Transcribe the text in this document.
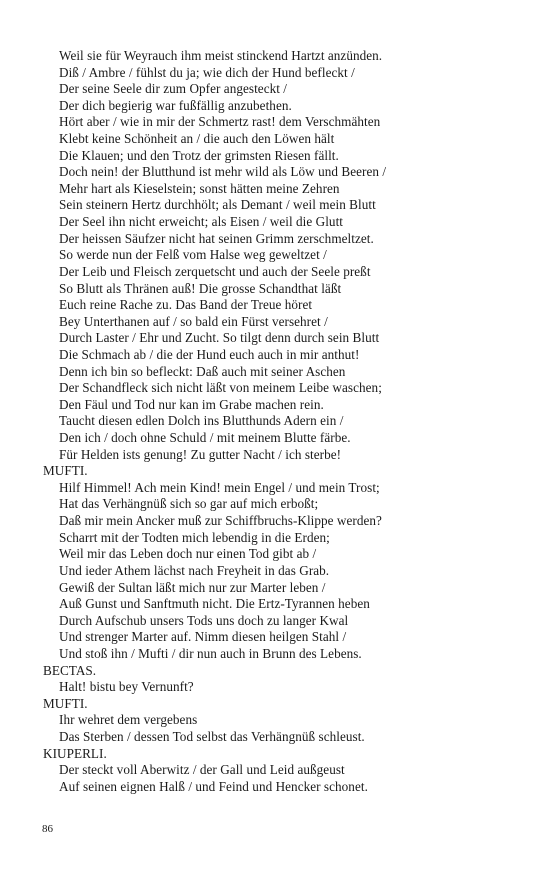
Weil sie für Weyrauch ihm meist stinckend Hartzt anzünden.
Diß / Ambre / fühlst du ja; wie dich der Hund befleckt /
Der seine Seele dir zum Opfer angesteckt /
Der dich begierig war fußfällig anzubethen.
Hört aber / wie in mir der Schmertz rast! dem Verschmähten
Klebt keine Schönheit an / die auch den Löwen hält
Die Klauen; und den Trotz der grimsten Riesen fällt.
Doch nein! der Blutthund ist mehr wild als Löw und Beeren /
Mehr hart als Kieselstein; sonst hätten meine Zehren
Sein steinern Hertz durchhölt; als Demant / weil mein Blutt
Der Seel ihn nicht erweicht; als Eisen / weil die Glutt
Der heissen Säufzer nicht hat seinen Grimm zerschmeltzet.
So werde nun der Felß vom Halse weg geweltzet /
Der Leib und Fleisch zerquetscht und auch der Seele preßt
So Blutt als Thränen auß! Die grosse Schandthat läßt
Euch reine Rache zu. Das Band der Treue höret
Bey Unterthanen auf / so bald ein Fürst versehret /
Durch Laster / Ehr und Zucht. So tilgt denn durch sein Blutt
Die Schmach ab / die der Hund euch auch in mir anthut!
Denn ich bin so befleckt: Daß auch mit seiner Aschen
Der Schandfleck sich nicht läßt von meinem Leibe waschen;
Den Fäul und Tod nur kan im Grabe machen rein.
Taucht diesen edlen Dolch ins Blutthunds Adern ein /
Den ich / doch ohne Schuld / mit meinem Blutte färbe.
Für Helden ists genung! Zu gutter Nacht / ich sterbe!
MUFTI.
Hilf Himmel! Ach mein Kind! mein Engel / und mein Trost;
Hat das Verhängnüß sich so gar auf mich erboßt;
Daß mir mein Ancker muß zur Schiffbruchs-Klippe werden?
Scharrt mit der Todten mich lebendig in die Erden;
Weil mir das Leben doch nur einen Tod gibt ab /
Und ieder Athem lächst nach Freyheit in das Grab.
Gewiß der Sultan läßt mich nur zur Marter leben /
Auß Gunst und Sanftmuth nicht. Die Ertz-Tyrannen heben
Durch Aufschub unsers Tods uns doch zu langer Kwal
Und strenger Marter auf. Nimm diesen heilgen Stahl /
Und stoß ihn / Mufti / dir nun auch in Brunn des Lebens.
BECTAS.
Halt! bistu bey Vernunft?
MUFTI.
Ihr wehret dem vergebens
Das Sterben / dessen Tod selbst das Verhängnüß schleust.
KIUPERLI.
Der steckt voll Aberwitz / der Gall und Leid außgeust
Auf seinen eignen Halß / und Feind und Hencker schonet.
86
